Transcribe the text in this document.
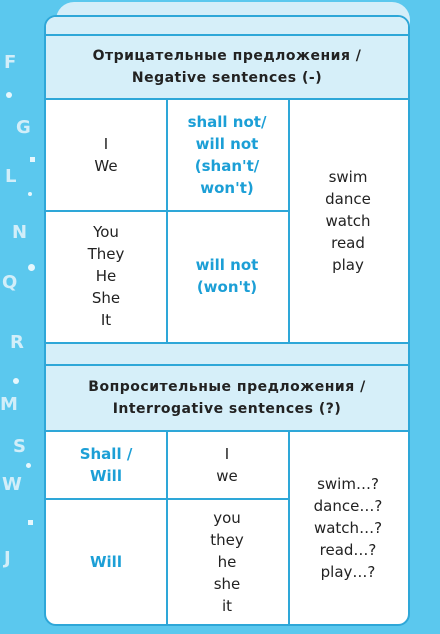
F
G
L
N
Q
R
M
S
W
J
Отрицательные предложения /
Negative sentences (-)
I
We
shall not/
will not
(shan't/
won't)
You
They
He
She
It
will not
(won't)
swim
dance
watch
read
play
Вопросительные предложения /
Interrogative sentences (?)
Shall /
Will
I
we
Will
you
they
he
she
it
swim…?
dance…?
watch…?
read…?
play…?
